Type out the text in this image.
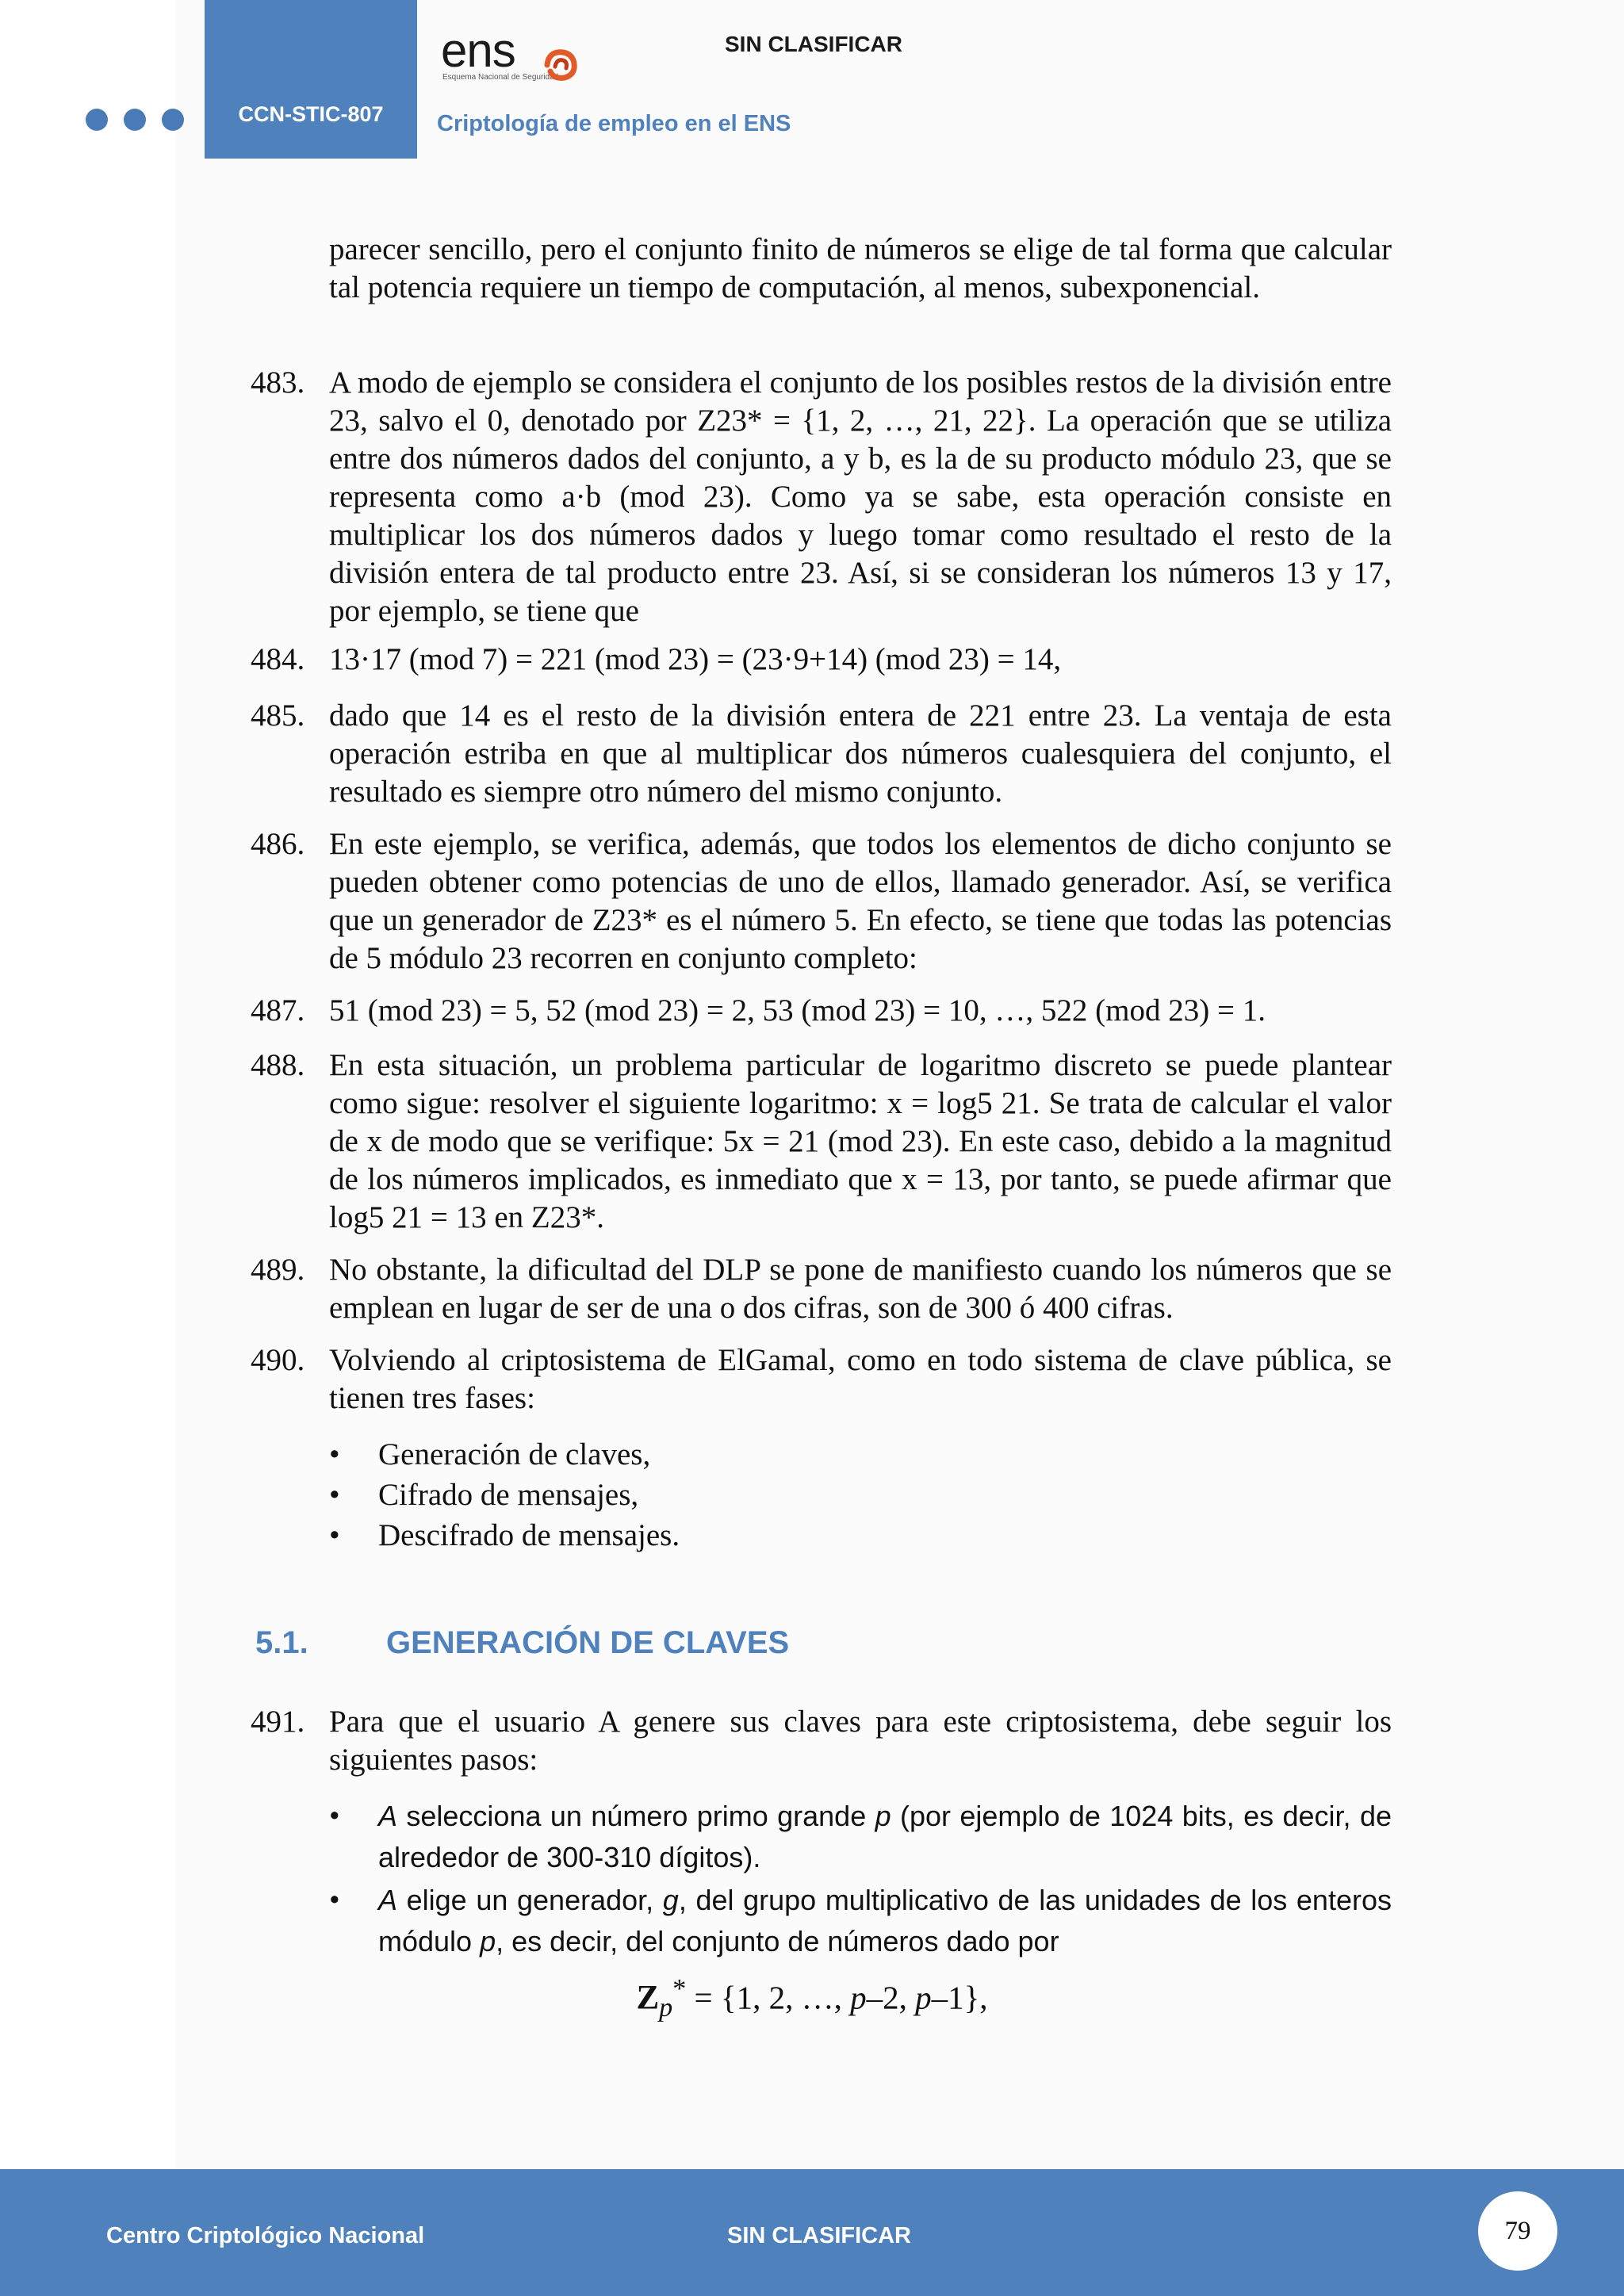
CCN-STIC-807
ens
Esquema Nacional de Seguridad
SIN CLASIFICAR
Criptología de empleo en el ENS
parecer sencillo, pero el conjunto finito de números se elige de tal forma que calcular tal potencia requiere un tiempo de computación, al menos, subexponencial.
483. A modo de ejemplo se considera el conjunto de los posibles restos de la división entre 23, salvo el 0, denotado por Z23* = {1, 2, …, 21, 22}. La operación que se utiliza entre dos números dados del conjunto, a y b, es la de su producto módulo 23, que se representa como a·b (mod 23). Como ya se sabe, esta operación consiste en multiplicar los dos números dados y luego tomar como resultado el resto de la división entera de tal producto entre 23. Así, si se consideran los números 13 y 17, por ejemplo, se tiene que
484. 13·17 (mod 7) = 221 (mod 23) = (23·9+14) (mod 23) = 14,
485. dado que 14 es el resto de la división entera de 221 entre 23. La ventaja de esta operación estriba en que al multiplicar dos números cualesquiera del conjunto, el resultado es siempre otro número del mismo conjunto.
486. En este ejemplo, se verifica, además, que todos los elementos de dicho conjunto se pueden obtener como potencias de uno de ellos, llamado generador. Así, se verifica que un generador de Z23* es el número 5. En efecto, se tiene que todas las potencias de 5 módulo 23 recorren en conjunto completo:
487. 51 (mod 23) = 5, 52 (mod 23) = 2, 53 (mod 23) = 10, …, 522 (mod 23) = 1.
488. En esta situación, un problema particular de logaritmo discreto se puede plantear como sigue: resolver el siguiente logaritmo: x = log5 21. Se trata de calcular el valor de x de modo que se verifique: 5x = 21 (mod 23). En este caso, debido a la magnitud de los números implicados, es inmediato que x = 13, por tanto, se puede afirmar que log5 21 = 13 en Z23*.
489. No obstante, la dificultad del DLP se pone de manifiesto cuando los números que se emplean en lugar de ser de una o dos cifras, son de 300 ó 400 cifras.
490. Volviendo al criptosistema de ElGamal, como en todo sistema de clave pública, se tienen tres fases:
• Generación de claves,
• Cifrado de mensajes,
• Descifrado de mensajes.
5.1. GENERACIÓN DE CLAVES
491. Para que el usuario A genere sus claves para este criptosistema, debe seguir los siguientes pasos:
• A selecciona un número primo grande p (por ejemplo de 1024 bits, es decir, de alrededor de 300-310 dígitos).
• A elige un generador, g, del grupo multiplicativo de las unidades de los enteros módulo p, es decir, del conjunto de números dado por
$Z_p^* = \{1$, 2, …, p–2, p–1},
Centro Criptológico Nacional	SIN CLASIFICAR	79
